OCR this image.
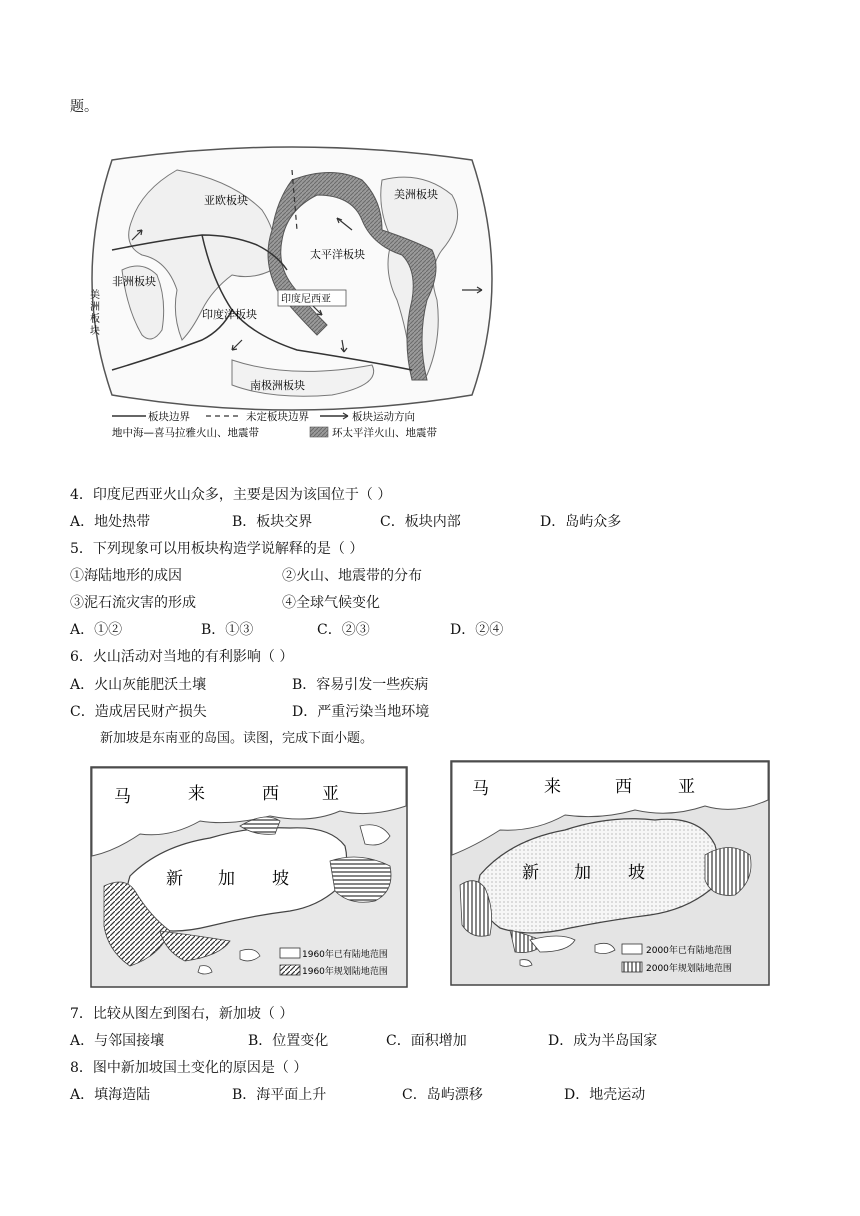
题。
亚欧板块	美洲板块
太平洋板块
非洲板块
印度洋板块
印度尼西亚
南极洲板块
美洲板块
板块边界	未定板块边界	板块运动方向
地中海—喜马拉雅火山、地震带	环太平洋火山、地震带
4．印度尼西亚火山众多，主要是因为该国位于（ ）
A．地处热带	B．板块交界	C．板块内部	D．岛屿众多
5．下列现象可以用板块构造学说解释的是（ ）
①海陆地形的成因	②火山、地震带的分布
③泥石流灾害的形成	④全球气候变化
A．①②	B．①③	C．②③	D．②④
6．火山活动对当地的有利影响（ ）
A．火山灰能肥沃土壤	B．容易引发一些疾病
C．造成居民财产损失	D．严重污染当地环境
新加坡是东南亚的岛国。读图，完成下面小题。
马	来	西	亚
新 加 坡
1960年已有陆地范围
1960年规划陆地范围
马	来	西	亚
新 加 坡
2000年已有陆地范围
2000年规划陆地范围
7．比较从图左到图右，新加坡（ ）
A．与邻国接壤	B．位置变化	C．面积增加	D．成为半岛国家
8．图中新加坡国土变化的原因是（ ）
A．填海造陆	B．海平面上升	C．岛屿漂移	D．地壳运动
